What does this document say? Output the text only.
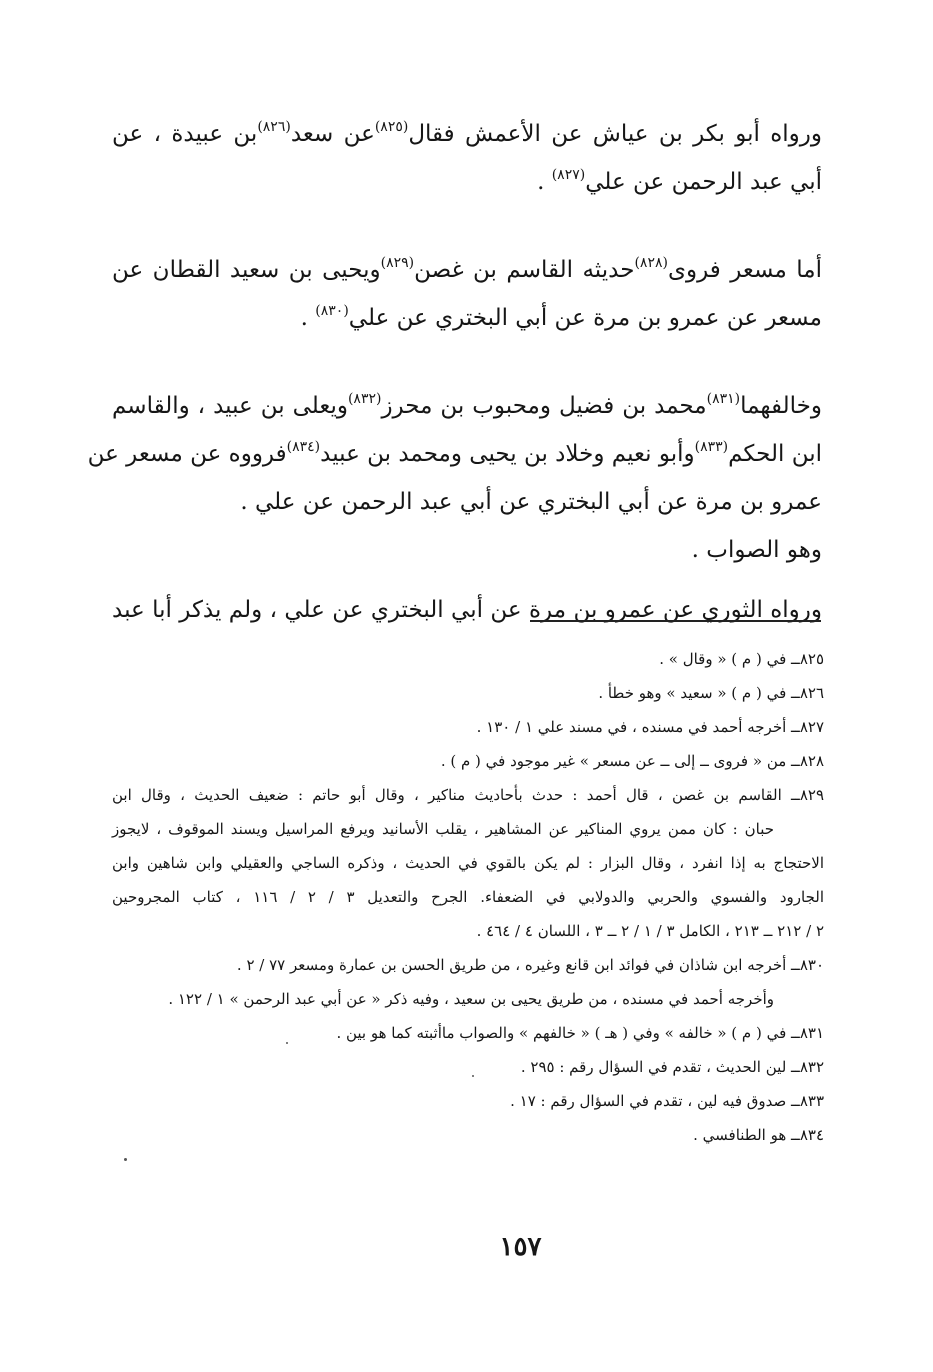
ورواه أبو بكر بن عياش عن الأعمش فقال$^{(٨٢٥)}$عن سعد$^{(٨٢٦)}$بن عبيدة ، عن
أبي عبد الرحمن عن علي$^{(٨٢٧)}$ .

أما مسعر فروى$^{(٨٢٨)}$حديثه القاسم بن غصن$^{(٨٢٩)}$ويحيى بن سعيد القطان عن
مسعر عن عمرو بن مرة عن أبي البختري عن علي$^{(٨٣٠)}$ .

وخالفهما$^{(٨٣١)}$محمد بن فضيل ومحبوب بن محرز$^{(٨٣٢)}$ويعلى بن عبيد ، والقاسم
ابن الحكم$^{(٨٣٣)}$وأبو نعيم وخلاد بن يحيى ومحمد بن عبيد$^{(٨٣٤)}$فرووه عن مسعر عن
عمرو بن مرة عن أبي البختري عن أبي عبد الرحمن عن علي .

وهو الصواب .

ورواه الثوري عن عمرو بن مرة عن أبي البختري عن علي ، ولم يذكر أبا عبد

٨٢٥ــ في ( م ) « وقال » .

٨٢٦ــ في ( م ) « سعيد » وهو خطأ .

٨٢٧ــ أخرجه أحمد في مسنده ، في مسند علي ١ / ١٣٠ .

٨٢٨ــ من « فروى ــ إلى ــ عن مسعر » غير موجود في ( م ) .

٨٢٩ــ القاسم بن غصن ، قال أحمد : حدث بأحاديث مناكير ، وقال أبو حاتم : ضعيف الحديث ، وقال ابن
حبان : كان ممن يروي المناكير عن المشاهير ، يقلب الأسانيد ويرفع المراسيل ويسند الموقوف ، لايجوز
الاحتجاج به إذا انفرد ، وقال البزار : لم يكن بالقوي في الحديث ، وذكره الساجي والعقيلي وابن شاهين وابن
الجارود والفسوي والحربي والدولابي في الضعفاء. الجرح والتعديل ٣ / ٢ / ١١٦ ، كتاب المجروحين
٢ / ٢١٢ ــ ٢١٣ ، الكامل ٣ / ١ / ٢ ــ ٣ ، اللسان ٤ / ٤٦٤ .

٨٣٠ــ أخرجه ابن شاذان في فوائد ابن قانع وغيره ، من طريق الحسن بن عمارة ومسعر ٧٧ / ٢ .

وأخرجه أحمد في مسنده ، من طريق يحيى بن سعيد ، وفيه ذكر « عن أبي عبد الرحمن » ١ / ١٢٢ .

٨٣١ــ في ( م ) « خالفه » وفي ( هـ ) « خالفهم » والصواب ماأثبته كما هو بين .

٨٣٢ــ لين الحديث ، تقدم في السؤال رقم : ٢٩٥ .

٨٣٣ــ صدوق فيه لين ، تقدم في السؤال رقم : ١٧ .

٨٣٤ــ هو الطنافسي .

١٥٧
